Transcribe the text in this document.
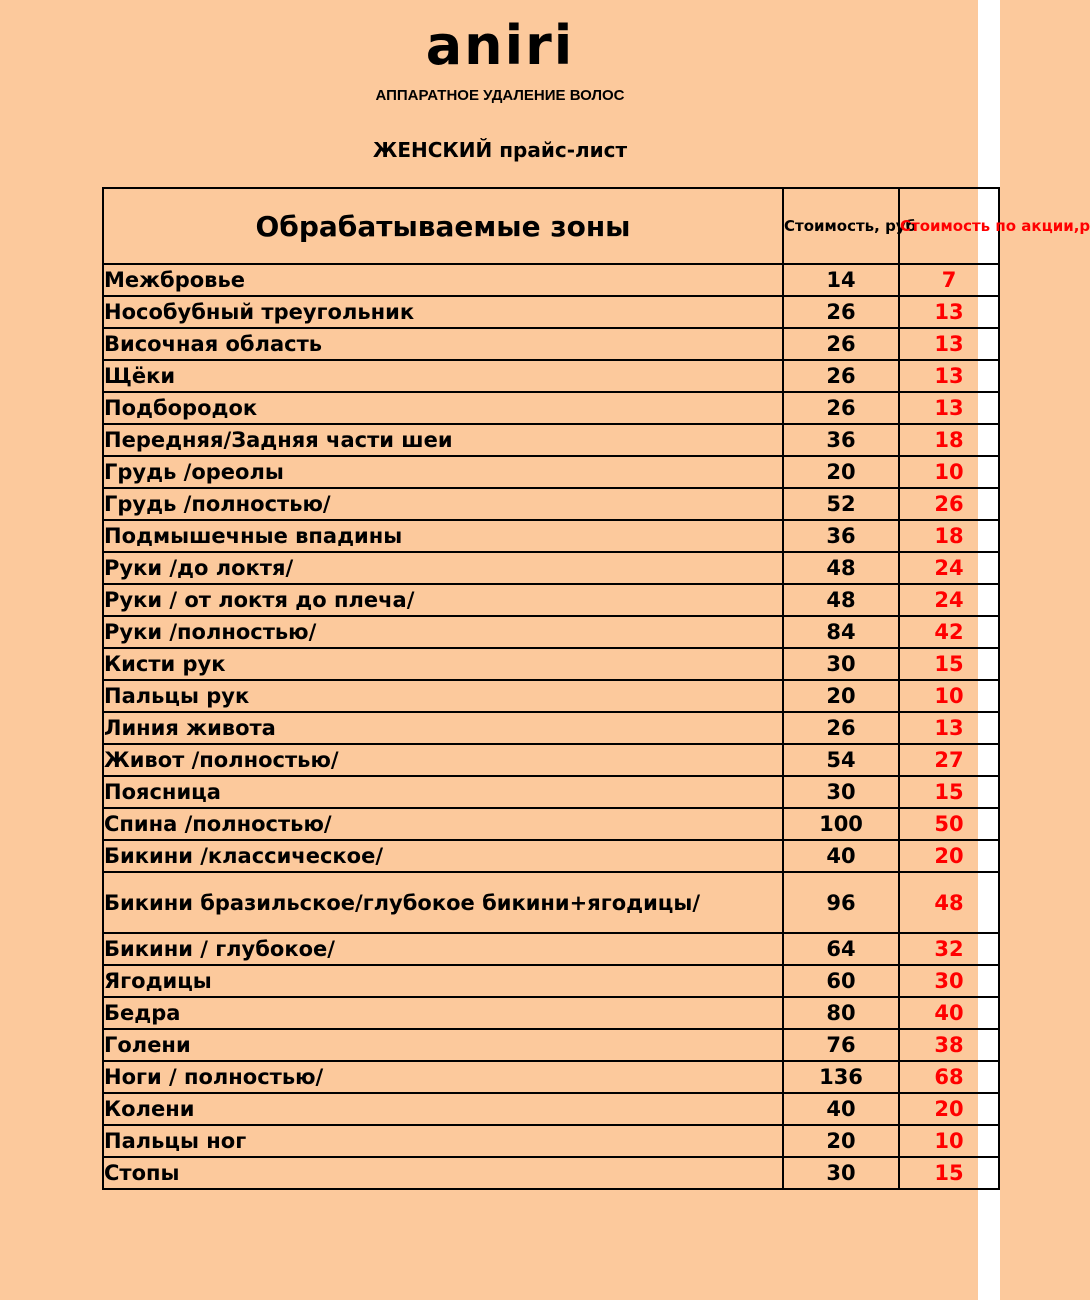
aniri
АППАРАТНОЕ УДАЛЕНИЕ ВОЛОС
ЖЕНСКИЙ прайс-лист
Обрабатываемые зоны	Стоимость, руб	Стоимость по акции,р
Межбровье	14	7
Нособубный треугольник	26	13
Височная область	26	13
Щёки	26	13
Подбородок	26	13
Передняя/Задняя части шеи	36	18
Грудь /ореолы	20	10
Грудь /полностью/	52	26
Подмышечные впадины	36	18
Руки /до локтя/	48	24
Руки / от локтя до плеча/	48	24
Руки /полностью/	84	42
Кисти рук	30	15
Пальцы рук	20	10
Линия живота	26	13
Живот /полностью/	54	27
Поясница	30	15
Спина /полностью/	100	50
Бикини /классическое/	40	20
Бикини бразильское/глубокое бикини+ягодицы/	96	48
Бикини / глубокое/	64	32
Ягодицы	60	30
Бедра	80	40
Голени	76	38
Ноги / полностью/	136	68
Колени	40	20
Пальцы ног	20	10
Стопы	30	15
